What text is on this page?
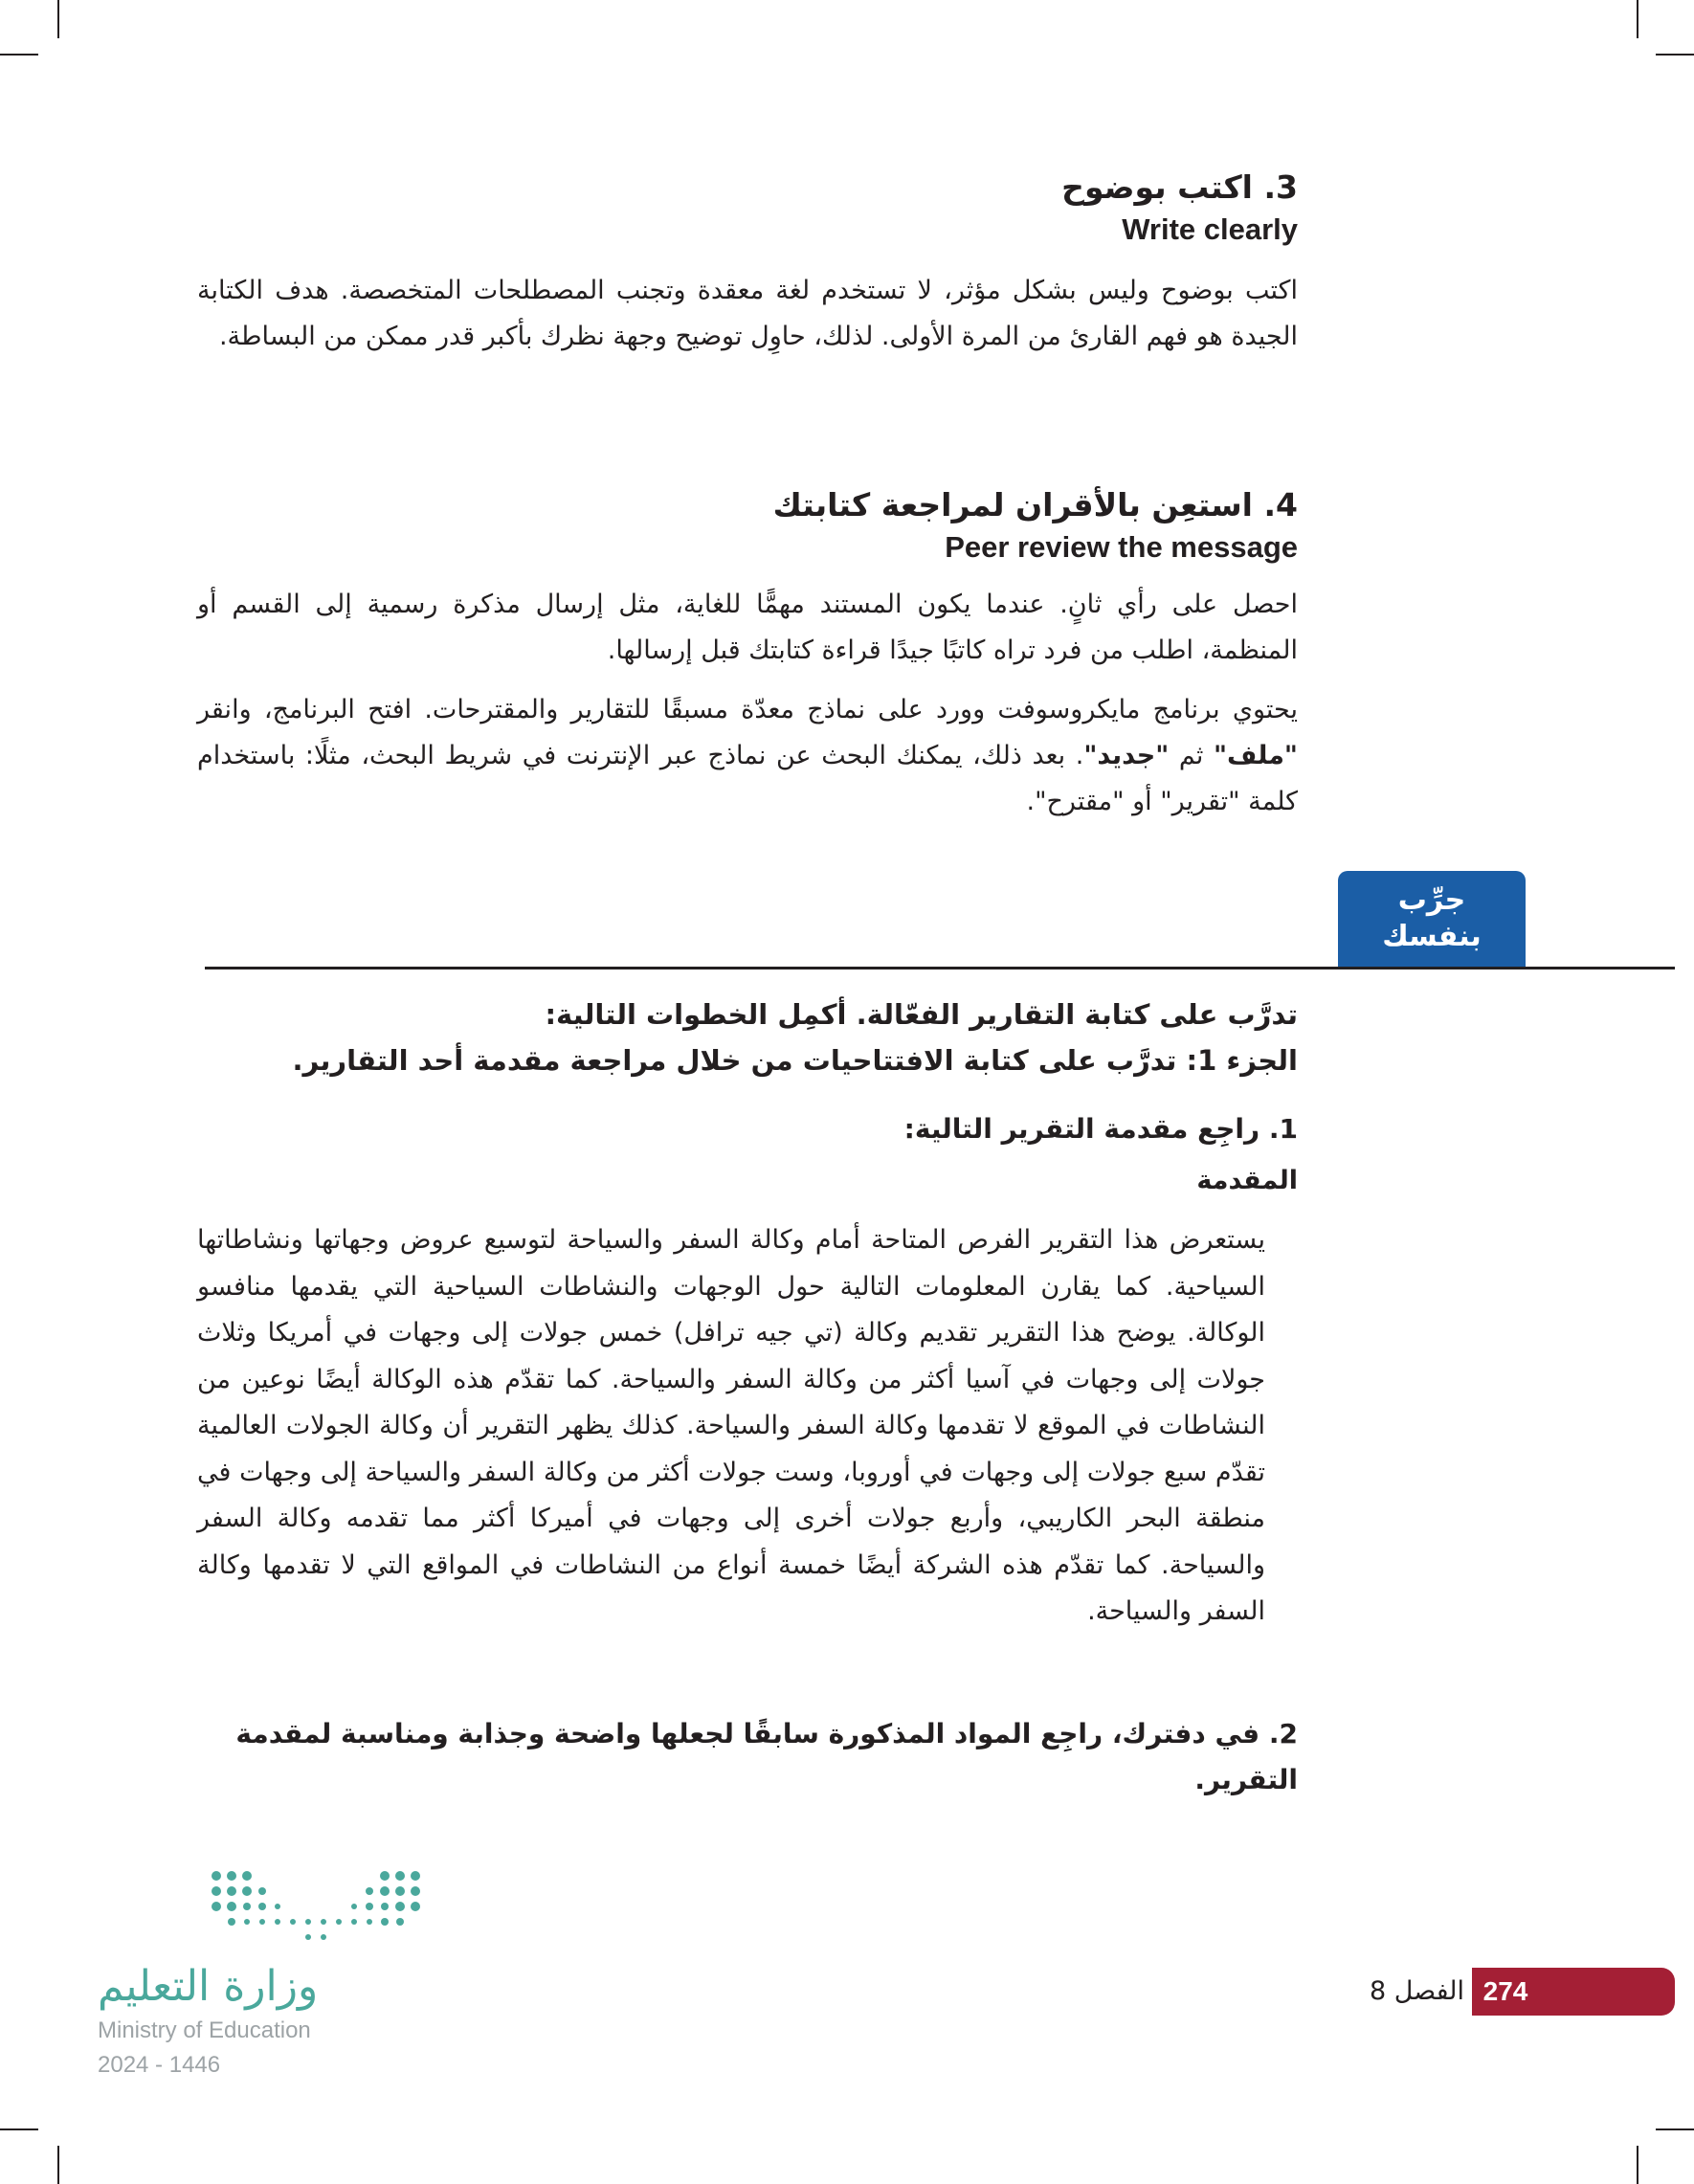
3. اكتب بوضوح

Write clearly

اكتب بوضوح وليس بشكل مؤثر، لا تستخدم لغة معقدة وتجنب المصطلحات المتخصصة. هدف الكتابة الجيدة هو فهم القارئ من المرة الأولى. لذلك، حاوِل توضيح وجهة نظرك بأكبر قدر ممكن من البساطة.

4. استعِن بالأقران لمراجعة كتابتك

Peer review the message

احصل على رأي ثانٍ. عندما يكون المستند مهمًّا للغاية، مثل إرسال مذكرة رسمية إلى القسم أو المنظمة، اطلب من فرد تراه كاتبًا جيدًا قراءة كتابتك قبل إرسالها.

يحتوي برنامج مايكروسوفت وورد على نماذج معدّة مسبقًا للتقارير والمقترحات. افتح البرنامج، وانقر "ملف" ثم "جديد". بعد ذلك، يمكنك البحث عن نماذج عبر الإنترنت في شريط البحث، مثلًا: باستخدام كلمة "تقرير" أو "مقترح".

جرِّب
بنفسك

تدرَّب على كتابة التقارير الفعّالة. أكمِل الخطوات التالية:

الجزء 1: تدرَّب على كتابة الافتتاحيات من خلال مراجعة مقدمة أحد التقارير.

1. راجِع مقدمة التقرير التالية:

المقدمة

يستعرض هذا التقرير الفرص المتاحة أمام وكالة السفر والسياحة لتوسيع عروض وجهاتها ونشاطاتها السياحية. كما يقارن المعلومات التالية حول الوجهات والنشاطات السياحية التي يقدمها منافسو الوكالة. يوضح هذا التقرير تقديم وكالة (تي جيه ترافل) خمس جولات إلى وجهات في أمريكا وثلاث جولات إلى وجهات في آسيا أكثر من وكالة السفر والسياحة. كما تقدّم هذه الوكالة أيضًا نوعين من النشاطات في الموقع لا تقدمها وكالة السفر والسياحة. كذلك يظهر التقرير أن وكالة الجولات العالمية تقدّم سبع جولات إلى وجهات في أوروبا، وست جولات أكثر من وكالة السفر والسياحة إلى وجهات في منطقة البحر الكاريبي، وأربع جولات أخرى إلى وجهات في أميركا أكثر مما تقدمه وكالة السفر والسياحة. كما تقدّم هذه الشركة أيضًا خمسة أنواع من النشاطات في المواقع التي لا تقدمها وكالة السفر والسياحة.

2. في دفترك، راجِع المواد المذكورة سابقًا لجعلها واضحة وجذابة ومناسبة لمقدمة التقرير.

وزارة التعليم
Ministry of Education
2024 - 1446
274
الفصل 8
